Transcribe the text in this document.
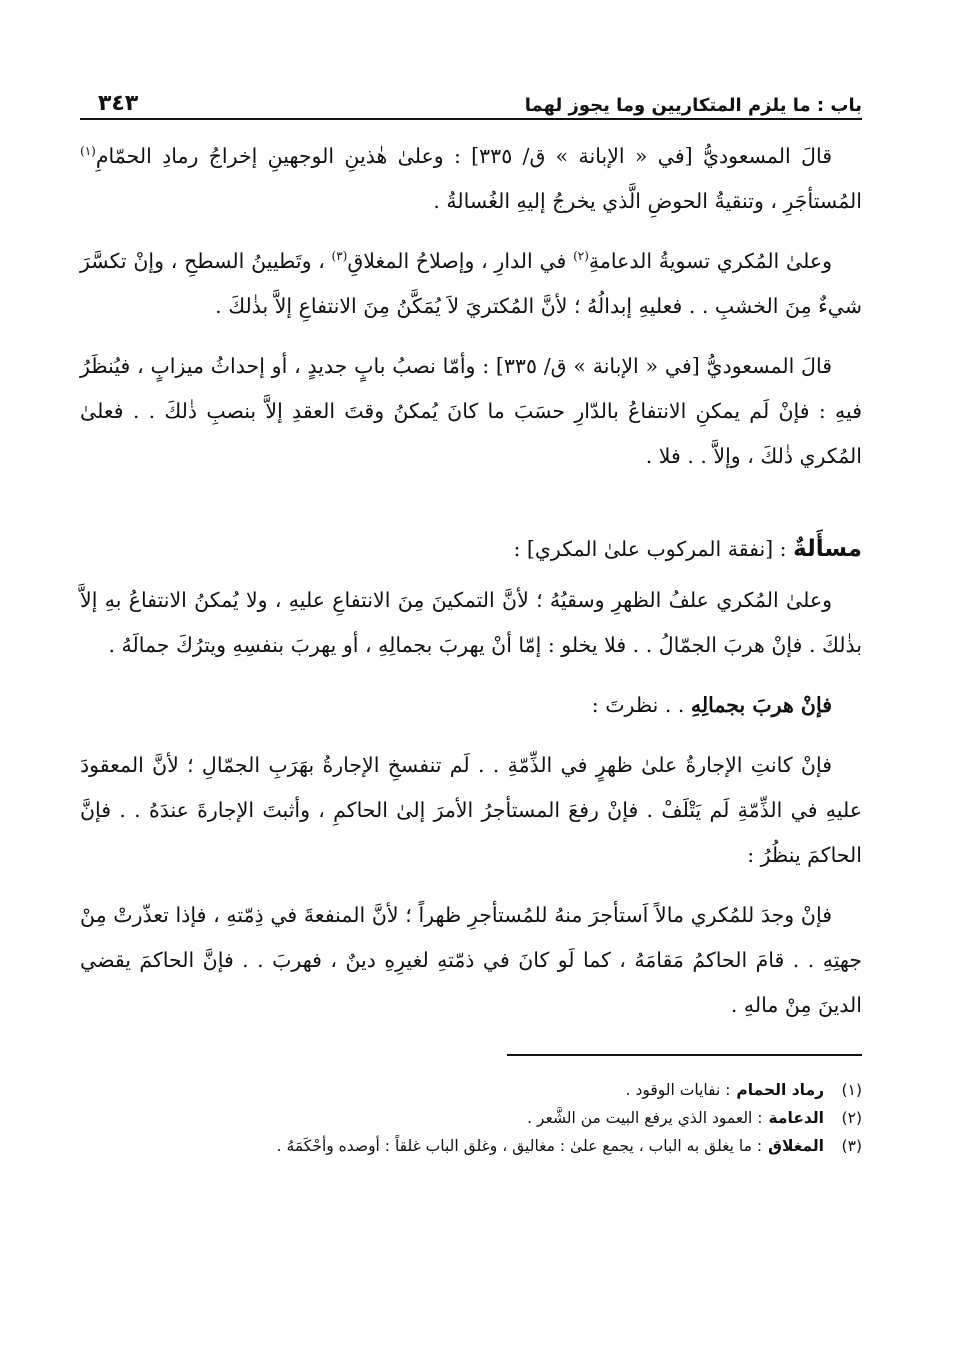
باب : ما يلزم المتكاريين وما يجوز لهما
٣٤٣

قالَ المسعوديُّ [في « الإبانة » ق/ ٣٣٥] : وعلىٰ هٰذينِ الوجهينِ إخراجُ رمادِ الحمّامِ$^{(١)}$ المُستأجَرِ ، وتنقيةُ الحوضِ الَّذي يخرجُ إليهِ الغُسالةُ .

وعلىٰ المُكري تسويةُ الدعامةِ$^{(٢)}$ في الدارِ ، وإصلاحُ المغلاقِ$^{(٣)}$ ، وتَطيينُ السطحِ ، وإنْ تكسَّرَ شيءٌ مِنَ الخشبِ . . فعليهِ إبدالُهُ ؛ لأنَّ المُكتريَ لاَ يُمَكَّنُ مِنَ الانتفاعِ إلاَّ بذٰلكَ .

قالَ المسعوديُّ [في « الإبانة » ق/ ٣٣٥] : وأمّا نصبُ بابٍ جديدٍ ، أو إحداثُ ميزابٍ ، فيُنظَرُ فيهِ : فإنْ لَم يمكنِ الانتفاعُ بالدّارِ حسَبَ ما كانَ يُمكنُ وقتَ العقدِ إلاَّ بنصبِ ذٰلكَ . . فعلىٰ المُكري ذٰلكَ ، وإلاَّ . . فلا .

مسأَلةٌ : [نفقة المركوب علىٰ المكري] :

وعلىٰ المُكري علفُ الظهرِ وسقيُهُ ؛ لأنَّ التمكينَ مِنَ الانتفاعِ عليهِ ، ولا يُمكنُ الانتفاعُ بهِ إلاَّ بذٰلكَ . فإنْ هربَ الجمّالُ . . فلا يخلو : إمّا أنْ يهربَ بجمالِهِ ، أو يهربَ بنفسِهِ ويترُكَ جمالَهُ .

فإنْ هربَ بجمالِهِ . . نظرتَ :

فإنْ كانتِ الإجارةُ علىٰ ظهرٍ في الذِّمّةِ . . لَم تنفسخِ الإجارةُ بهَرَبِ الجمّالِ ؛ لأنَّ المعقودَ عليهِ في الذِّمّةِ لَم يَتْلَفْ . فإنْ رفعَ المستأجرُ الأمرَ إلىٰ الحاكمِ ، وأثبتَ الإجارةَ عندَهُ . . فإنَّ الحاكمَ ينظُرُ :

فإنْ وجدَ للمُكري مالاً اَستأجرَ منهُ للمُستأجرِ ظهراً ؛ لأنَّ المنفعةَ في ذِمّتهِ ، فإذا تعذّرتْ مِنْ جهتِهِ . . قامَ الحاكمُ مَقامَهُ ، كما لَو كانَ في ذمّتهِ لغيرِهِ دينٌ ، فهربَ . . فإنَّ الحاكمَ يقضي الدينَ مِنْ مالهِ .

(١)
رماد الحمام
: نفايات الوقود .
(٢)
الدعامة
: العمود الذي يرفع البيت من الشَّعر .
(٣)
المغلاق
: ما يغلق به الباب ، يجمع علىٰ : مغاليق ، وغلق الباب غلقاً : أوصده وأحْكَمَهُ .
